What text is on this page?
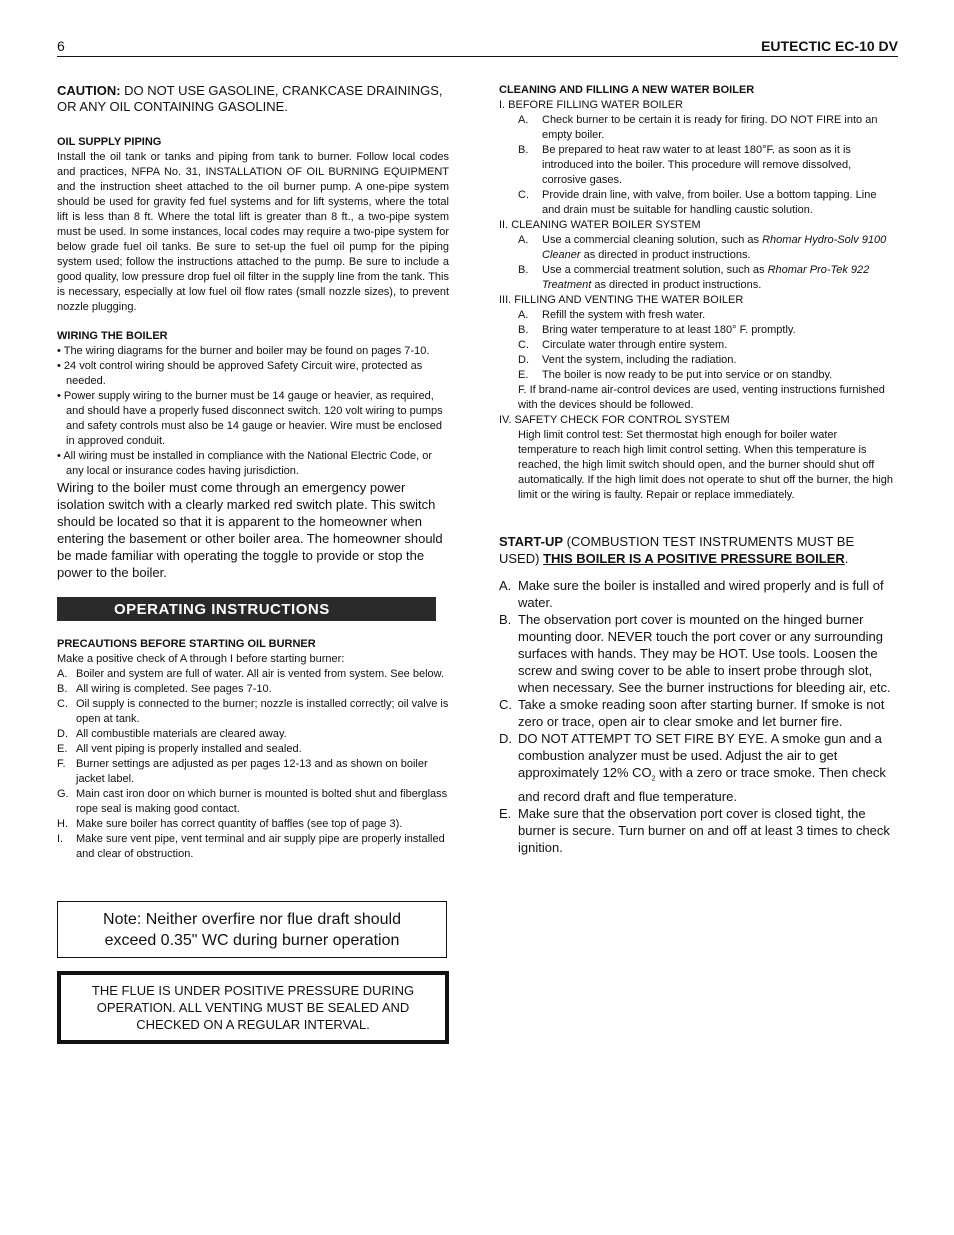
6	EUTECTIC EC-10 DV

CAUTION: DO NOT USE GASOLINE, CRANKCASE DRAININGS, OR ANY OIL CONTAINING GASOLINE.

OIL SUPPLY PIPING

Install the oil tank or tanks and piping from tank to burner. Follow local codes and practices, NFPA No. 31, INSTALLATION OF OIL BURNING EQUIPMENT and the instruction sheet attached to the oil burner pump. A one-pipe system should be used for gravity fed fuel systems and for lift systems, where the total lift is less than 8 ft. Where the total lift is greater than 8 ft., a two-pipe system must be used. In some instances, local codes may require a two-pipe system for below grade fuel oil tanks. Be sure to set-up the fuel oil pump for the piping system used; follow the instructions attached to the pump. Be sure to include a good quality, low pressure drop fuel oil filter in the supply line from the tank. This is necessary, especially at low fuel oil flow rates (small nozzle sizes), to prevent nozzle plugging.

WIRING THE BOILER
• The wiring diagrams for the burner and boiler may be found on pages 7-10.
• 24 volt control wiring should be approved Safety Circuit wire, protected as needed.
• Power supply wiring to the burner must be 14 gauge or heavier, as required, and should have a properly fused disconnect switch. 120 volt wiring to pumps and safety controls must also be 14 gauge or heavier. Wire must be enclosed in approved conduit.
• All wiring must be installed in compliance with the National Electric Code, or any local or insurance codes having jurisdiction.

Wiring to the boiler must come through an emergency power isolation switch with a clearly marked red switch plate. This switch should be located so that it is apparent to the homeowner when entering the basement or other boiler area. The homeowner should be made familiar with operating the toggle to provide or stop the power to the boiler.

OPERATING INSTRUCTIONS
PRECAUTIONS BEFORE STARTING OIL BURNER

Make a positive check of A through I before starting burner:

A. Boiler and system are full of water. All air is vented from system. See below.
B. All wiring is completed. See pages 7-10.
C. Oil supply is connected to the burner; nozzle is installed correctly; oil valve is open at tank.
D. All combustible materials are cleared away.
E. All vent piping is properly installed and sealed.
F. Burner settings are adjusted as per pages 12-13 and as shown on boiler jacket label.
G. Main cast iron door on which burner is mounted is bolted shut and fiberglass rope seal is making good contact.
H. Make sure boiler has correct quantity of baffles (see top of page 3).
I.	Make sure vent pipe, vent terminal and air supply pipe are properly installed and clear of obstruction.
Note: Neither overfire nor flue draft should exceed 0.35" WC during burner operation
THE FLUE IS UNDER POSITIVE PRESSURE DURING OPERATION. ALL VENTING MUST BE SEALED AND CHECKED ON A REGULAR INTERVAL.
CLEANING AND FILLING A NEW WATER BOILER
I. BEFORE FILLING WATER BOILER
A.	Check burner to be certain it is ready for firing. DO NOT FIRE into an empty boiler.
B.	Be prepared to heat raw water to at least 180°F. as soon as it is introduced into the boiler. This procedure will remove dissolved, corrosive gases.
C.	Provide drain line, with valve, from boiler. Use a bottom tapping. Line and drain must be suitable for handling caustic solution.
II. CLEANING WATER BOILER SYSTEM
A.	Use a commercial cleaning solution, such as Rhomar Hydro-Solv 9100 Cleaner as directed in product instructions.
B.	Use a commercial treatment solution, such as Rhomar Pro-Tek 922 Treatment as directed in product instructions.
III. FILLING AND VENTING THE WATER BOILER
A.	Refill the system with fresh water.
B.	Bring water temperature to at least 180° F. promptly.
C.	Circulate water through entire system.
D.	Vent the system, including the radiation.
E.	The boiler is now ready to be put into service or on standby.
F. If brand-name air-control devices are used, venting instructions furnished with the devices should be followed.
IV. SAFETY CHECK FOR CONTROL SYSTEM
High limit control test: Set thermostat high enough for boiler water temperature to reach high limit control setting. When this temperature is reached, the high limit switch should open, and the burner should shut off automatically. If the high limit does not operate to shut off the burner, the high limit or the wiring is faulty. Repair or replace immediately.

START-UP (COMBUSTION TEST INSTRUMENTS MUST BE USED) THIS BOILER IS A POSITIVE PRESSURE BOILER.

A. Make sure the boiler is installed and wired properly and is full of water.
B. The observation port cover is mounted on the hinged burner mounting door. NEVER touch the port cover or any surrounding surfaces with hands. They may be HOT. Use tools. Loosen the screw and swing cover to be able to insert probe through slot, when necessary. See the burner instructions for bleeding air, etc.
C. Take a smoke reading soon after starting burner. If smoke is not zero or trace, open air to clear smoke and let burner fire.
D. DO NOT ATTEMPT TO SET FIRE BY EYE. A smoke gun and a combustion analyzer must be used. Adjust the air to get approximately 12% $CO_2$ with a zero or trace smoke. Then check and record draft and flue temperature.
E. Make sure that the observation port cover is closed tight, the burner is secure. Turn burner on and off at least 3 times to check ignition.
